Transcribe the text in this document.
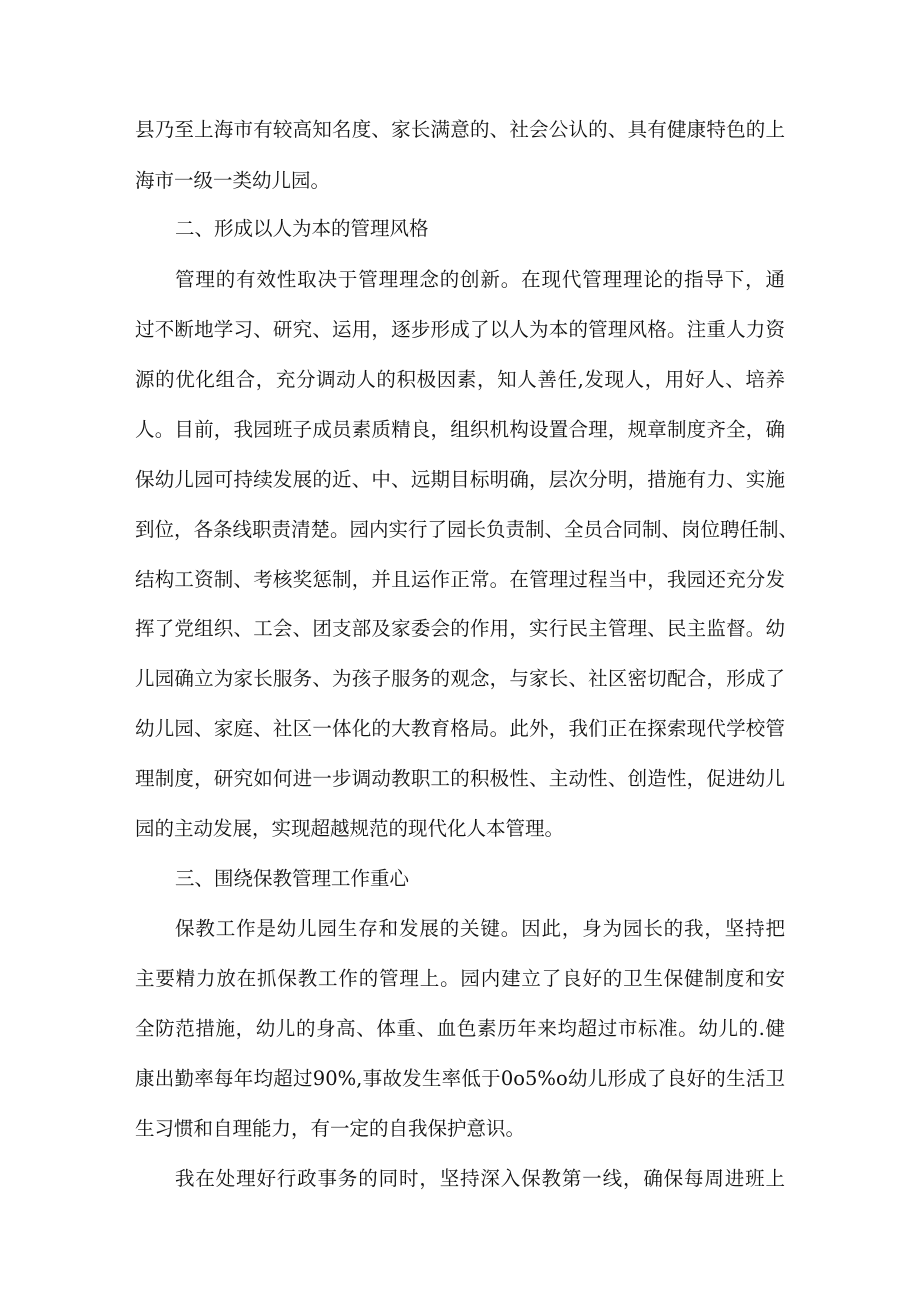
县乃至上海市有较高知名度、家长满意的、社会公认的、具有健康特色的上
海市一级一类幼儿园。
二、形成以人为本的管理风格
管理的有效性取决于管理理念的创新。在现代管理理论的指导下，通
过不断地学习、研究、运用，逐步形成了以人为本的管理风格。注重人力资
源的优化组合，充分调动人的积极因素，知人善任,发现人，用好人、培养
人。目前，我园班子成员素质精良，组织机构设置合理，规章制度齐全，确
保幼儿园可持续发展的近、中、远期目标明确，层次分明，措施有力、实施
到位，各条线职责清楚。园内实行了园长负责制、全员合同制、岗位聘任制、
结构工资制、考核奖惩制，并且运作正常。在管理过程当中，我园还充分发
挥了党组织、工会、团支部及家委会的作用，实行民主管理、民主监督。幼
儿园确立为家长服务、为孩子服务的观念，与家长、社区密切配合，形成了
幼儿园、家庭、社区一体化的大教育格局。此外，我们正在探索现代学校管
理制度，研究如何进一步调动教职工的积极性、主动性、创造性，促进幼儿
园的主动发展，实现超越规范的现代化人本管理。
三、围绕保教管理工作重心
保教工作是幼儿园生存和发展的关键。因此，身为园长的我，坚持把
主要精力放在抓保教工作的管理上。园内建立了良好的卫生保健制度和安
全防范措施，幼儿的身高、体重、血色素历年来均超过市标准。幼儿的.健
康出勤率每年均超过90%,事故发生率低于0o5%o幼儿形成了良好的生活卫
生习惯和自理能力，有一定的自我保护意识。
我在处理好行政事务的同时，坚持深入保教第一线，确保每周进班上
